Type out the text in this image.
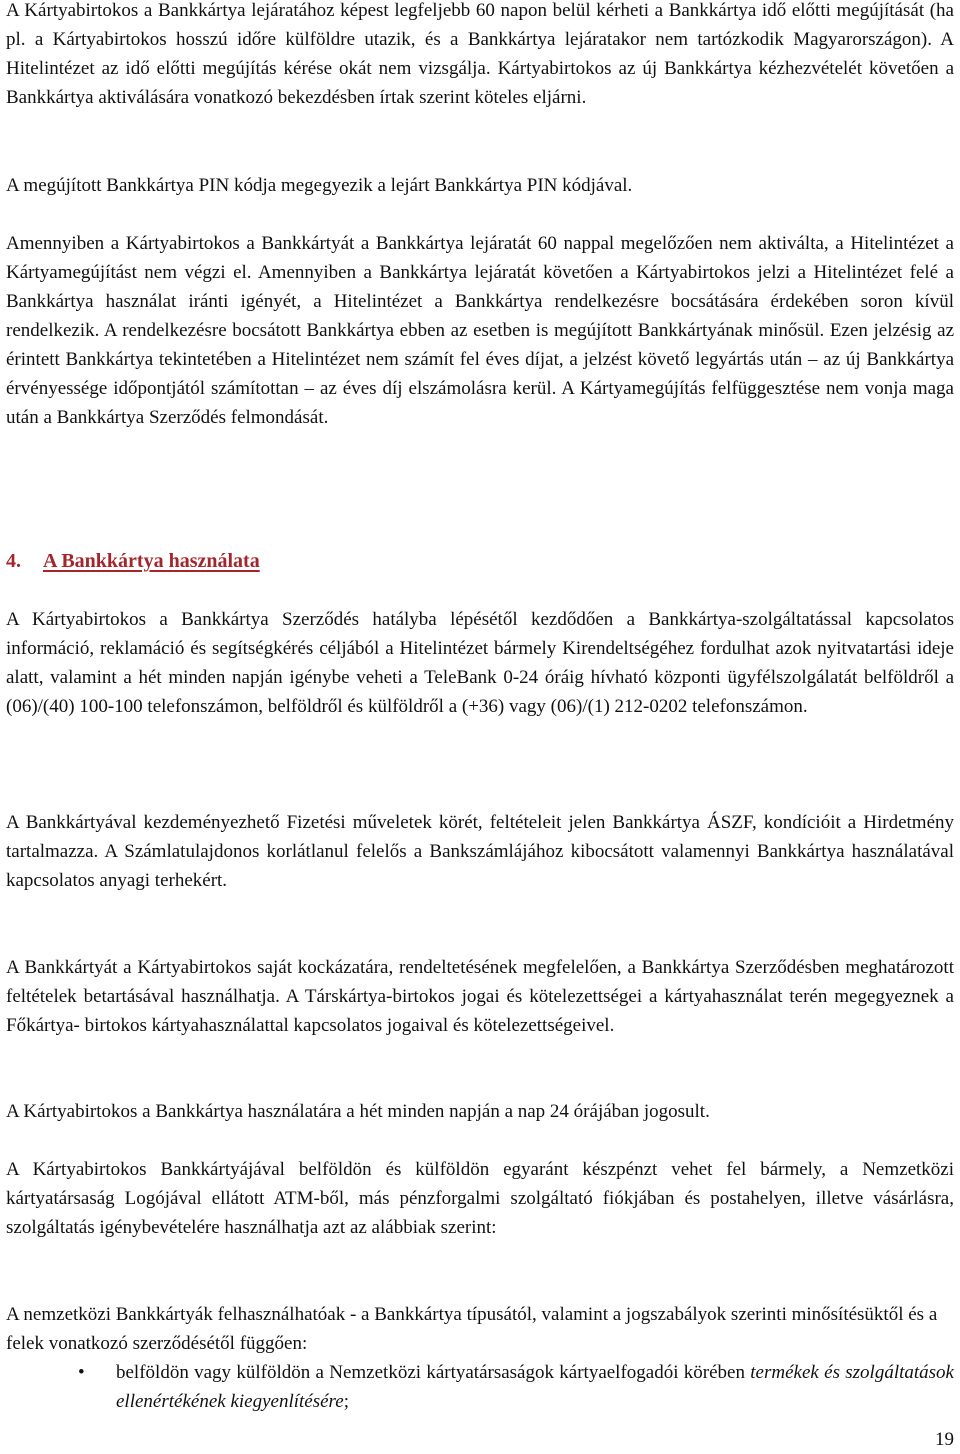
A Kártyabirtokos a Bankkártya lejáratához képest legfeljebb 60 napon belül kérheti a Bankkártya idő előtti megújítását (ha pl. a Kártyabirtokos hosszú időre külföldre utazik, és a Bankkártya lejáratakor nem tartózkodik Magyarországon). A Hitelintézet az idő előtti megújítás kérése okát nem vizsgálja. Kártyabirtokos az új Bankkártya kézhezvételét követően a Bankkártya aktiválására vonatkozó bekezdésben írtak szerint köteles eljárni.

A megújított Bankkártya PIN kódja megegyezik a lejárt Bankkártya PIN kódjával.

Amennyiben a Kártyabirtokos a Bankkártyát a Bankkártya lejáratát 60 nappal megelőzően nem aktiválta, a Hitelintézet a Kártyamegújítást nem végzi el. Amennyiben a Bankkártya lejáratát követően a Kártyabirtokos jelzi a Hitelintézet felé a Bankkártya használat iránti igényét, a Hitelintézet a Bankkártya rendelkezésre bocsátására érdekében soron kívül rendelkezik. A rendelkezésre bocsátott Bankkártya ebben az esetben is megújított Bankkártyának minősül. Ezen jelzésig az érintett Bankkártya tekintetében a Hitelintézet nem számít fel éves díjat, a jelzést követő legyártás után – az új Bankkártya érvényessége időpontjától számítottan – az éves díj elszámolásra kerül. A Kártyamegújítás felfüggesztése nem vonja maga után a Bankkártya Szerződés felmondását.

4. A Bankkártya használata

A Kártyabirtokos a Bankkártya Szerződés hatályba lépésétől kezdődően a Bankkártya-szolgáltatással kapcsolatos információ, reklamáció és segítségkérés céljából a Hitelintézet bármely Kirendeltségéhez fordulhat azok nyitvatartási ideje alatt, valamint a hét minden napján igénybe veheti a TeleBank 0-24 óráig hívható központi ügyfélszolgálatát belföldről a (06)/(40) 100-100 telefonszámon, belföldről és külföldről a (+36) vagy (06)/(1) 212-0202 telefonszámon.

A Bankkártyával kezdeményezhető Fizetési műveletek körét, feltételeit jelen Bankkártya ÁSZF, kondícióit a Hirdetmény tartalmazza. A Számlatulajdonos korlátlanul felelős a Bankszámlájához kibocsátott valamennyi Bankkártya használatával kapcsolatos anyagi terhekért.

A Bankkártyát a Kártyabirtokos saját kockázatára, rendeltetésének megfelelően, a Bankkártya Szerződésben meghatározott feltételek betartásával használhatja. A Társkártya-birtokos jogai és kötelezettségei a kártyahasználat terén megegyeznek a Főkártya- birtokos kártyahasználattal kapcsolatos jogaival és kötelezettségeivel.

A Kártyabirtokos a Bankkártya használatára a hét minden napján a nap 24 órájában jogosult.

A Kártyabirtokos Bankkártyájával belföldön és külföldön egyaránt készpénzt vehet fel bármely, a Nemzetközi kártyatársaság Logójával ellátott ATM-ből, más pénzforgalmi szolgáltató fiókjában és postahelyen, illetve vásárlásra, szolgáltatás igénybevételére használhatja azt az alábbiak szerint:

A nemzetközi Bankkártyák felhasználhatóak - a Bankkártya típusától, valamint a jogszabályok szerinti minősítésüktől és a felek vonatkozó szerződésétől függően:

• belföldön vagy külföldön a Nemzetközi kártyatársaságok kártyaelfogadói körében termékek és szolgáltatások ellenértékének kiegyenlítésére;
19
